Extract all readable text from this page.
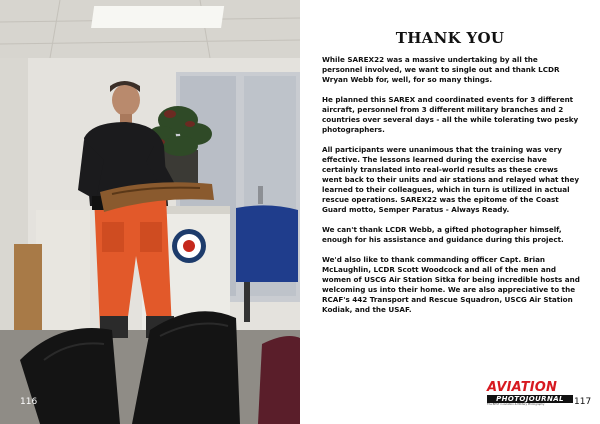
116
THANK YOU

While SAREX22 was a massive undertaking by all the personnel involved, we want to single out and thank LCDR Wryan Webb for, well, for so many things.

He planned this SAREX and coordinated events for 3 different aircraft, personnel from 3 different military branches and 2 countries over several days - all the while tolerating two pesky photographers.

All participants were unanimous that the training was very effective. The lessons learned during the exercise have certainly translated into real-world results as these crews went back to their units and air stations and relayed what they learned to their colleagues, which in turn is utilized in actual rescue operations. SAREX22 was the epitome of the Coast Guard motto, Semper Paratus - Always Ready.

We can't thank LCDR Webb, a gifted photographer himself, enough for his assistance and guidance during this project.

We'd also like to thank commanding officer Capt. Brian McLaughlin, LCDR Scott Woodcock and all of the men and women of USCG Air Station Sitka for being incredible hosts and welcoming us into their home. We are also appreciative to the RCAF's 442 Transport and Rescue Squadron, USCG Air Station Kodiak, and the USAF.

AVIATION
PHOTOJOURNAL
The BEST in Aviation & Military Photography	117
